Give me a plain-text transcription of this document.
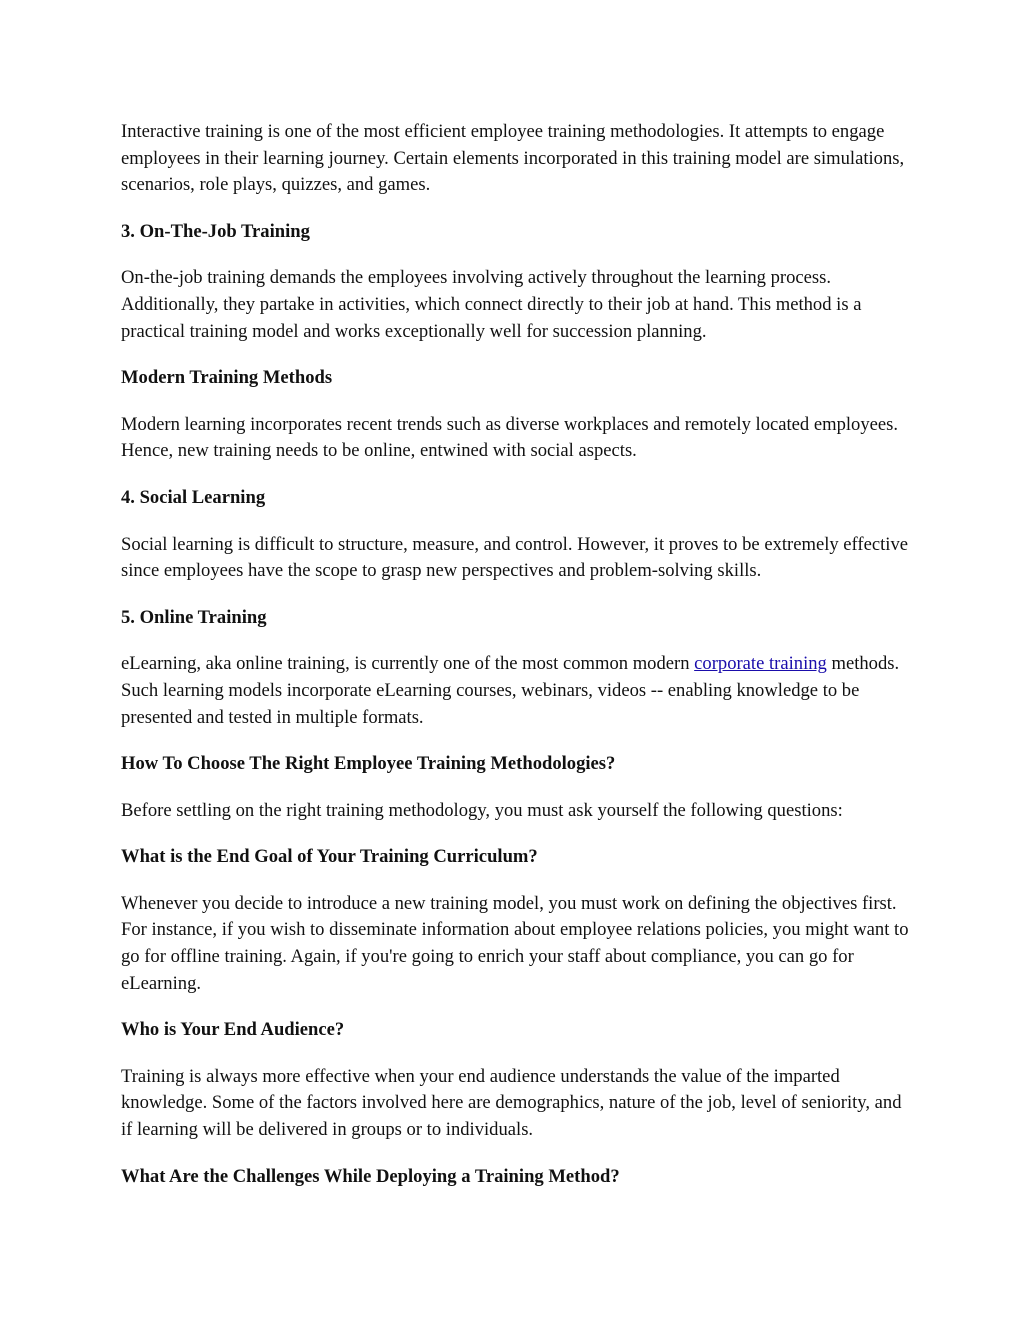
Interactive training is one of the most efficient employee training methodologies. It attempts to engage employees in their learning journey. Certain elements incorporated in this training model are simulations, scenarios, role plays, quizzes, and games.

3. On-The-Job Training

On-the-job training demands the employees involving actively throughout the learning process. Additionally, they partake in activities, which connect directly to their job at hand. This method is a practical training model and works exceptionally well for succession planning.

Modern Training Methods

Modern learning incorporates recent trends such as diverse workplaces and remotely located employees. Hence, new training needs to be online, entwined with social aspects.

4. Social Learning

Social learning is difficult to structure, measure, and control. However, it proves to be extremely effective since employees have the scope to grasp new perspectives and problem-solving skills.

5. Online Training

eLearning, aka online training, is currently one of the most common modern corporate training methods. Such learning models incorporate eLearning courses, webinars, videos -- enabling knowledge to be presented and tested in multiple formats.

How To Choose The Right Employee Training Methodologies?

Before settling on the right training methodology, you must ask yourself the following questions:

What is the End Goal of Your Training Curriculum?

Whenever you decide to introduce a new training model, you must work on defining the objectives first. For instance, if you wish to disseminate information about employee relations policies, you might want to go for offline training. Again, if you're going to enrich your staff about compliance, you can go for eLearning.

Who is Your End Audience?

Training is always more effective when your end audience understands the value of the imparted knowledge. Some of the factors involved here are demographics, nature of the job, level of seniority, and if learning will be delivered in groups or to individuals.

What Are the Challenges While Deploying a Training Method?
